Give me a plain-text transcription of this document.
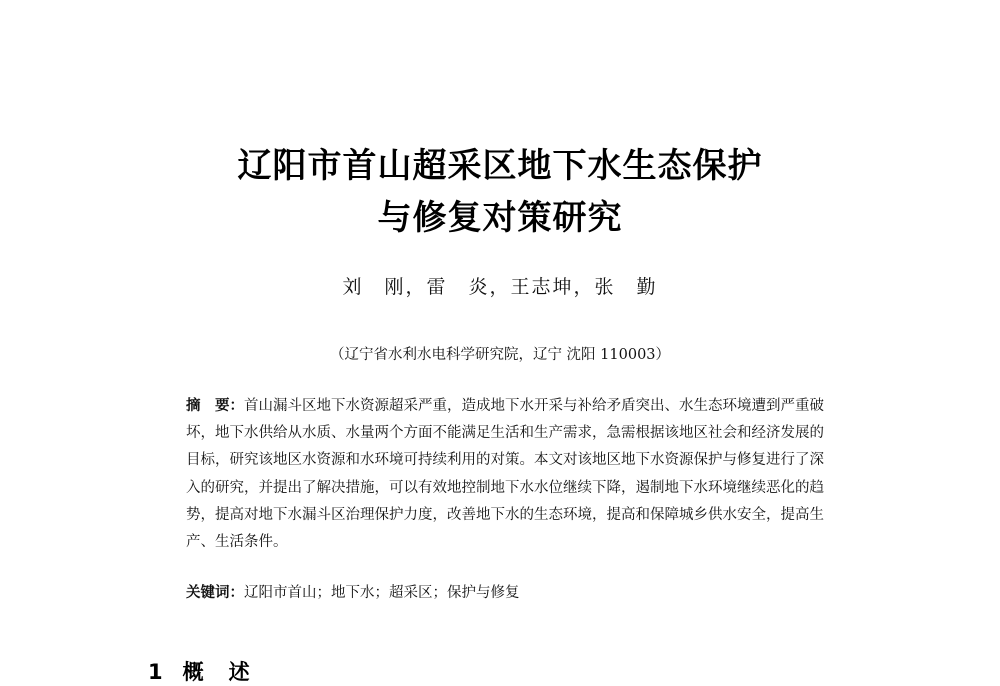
辽阳市首山超采区地下水生态保护
与修复对策研究
刘　刚，雷　炎，王志坤，张　勤
（辽宁省水利水电科学研究院，辽宁 沈阳 110003）
摘　要：首山漏斗区地下水资源超采严重，造成地下水开采与补给矛盾突出、水生态环境遭到严重破坏，地下水供给从水质、水量两个方面不能满足生活和生产需求，急需根据该地区社会和经济发展的目标，研究该地区水资源和水环境可持续利用的对策。本文对该地区地下水资源保护与修复进行了深入的研究，并提出了解决措施，可以有效地控制地下水水位继续下降，遏制地下水环境继续恶化的趋势，提高对地下水漏斗区治理保护力度，改善地下水的生态环境，提高和保障城乡供水安全，提高生产、生活条件。
关键词：辽阳市首山；地下水；超采区；保护与修复
1 概　述
